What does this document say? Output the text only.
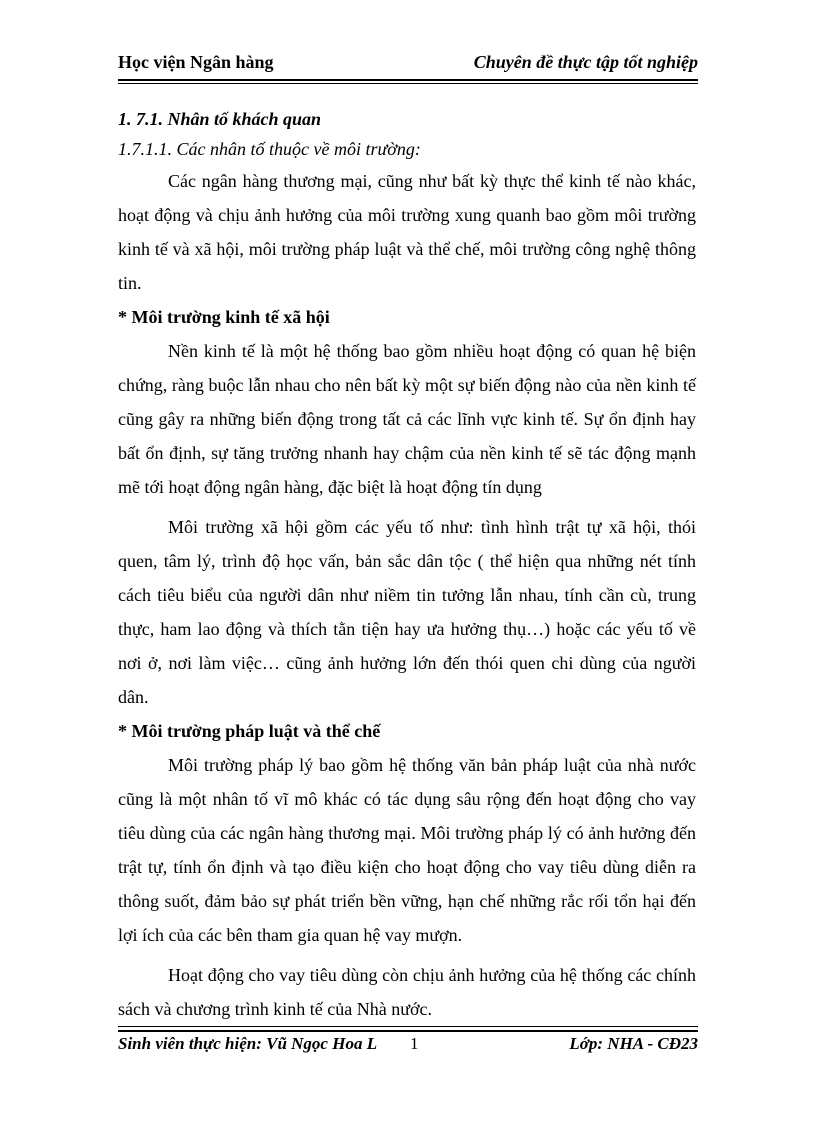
Học viện Ngân hàng	Chuyên đề thực tập tốt nghiệp
1. 7.1. Nhân tố khách quan
1.7.1.1. Các nhân tố thuộc về môi trường:

Các ngân hàng thương mại, cũng như bất kỳ thực thể kinh tế nào khác, hoạt động và chịu ảnh hưởng của môi trường xung quanh bao gồm môi trường kinh tế và xã hội, môi trường pháp luật và thể chế, môi trường công nghệ thông tin.

* Môi trường kinh tế xã hội

Nền kinh tế là một hệ thống bao gồm nhiều hoạt động có quan hệ biện chứng, ràng buộc lẫn nhau cho nên bất kỳ một sự biến động nào của nền kinh tế cũng gây ra những biến động trong tất cả các lĩnh vực kinh tế. Sự ổn định hay bất ổn định, sự tăng trưởng nhanh hay chậm của nền kinh tế sẽ tác động mạnh mẽ tới hoạt động ngân hàng, đặc biệt là hoạt động tín dụng

Môi trường xã hội gồm các yếu tố như: tình hình trật tự xã hội, thói quen, tâm lý, trình độ học vấn, bản sắc dân tộc ( thể hiện qua những nét tính cách tiêu biểu của người dân như niềm tin tưởng lẫn nhau, tính cần cù, trung thực, ham lao động và thích tằn tiện hay ưa hưởng thụ…) hoặc các yếu tố về nơi ở, nơi làm việc… cũng ảnh hưởng lớn đến thói quen chi dùng của người dân.

* Môi trường pháp luật và thể chế

Môi trường pháp lý bao gồm hệ thống văn bản pháp luật của nhà nước cũng là một nhân tố vĩ mô khác có tác dụng sâu rộng đến hoạt động cho vay tiêu dùng của các ngân hàng thương mại. Môi trường pháp lý có ảnh hưởng đến trật tự, tính ổn định và tạo điều kiện cho hoạt động cho vay tiêu dùng diễn ra thông suốt, đảm bảo sự phát triển bền vững, hạn chế những rắc rối tổn hại đến lợi ích của các bên tham gia quan hệ vay mượn.

Hoạt động cho vay tiêu dùng còn chịu ảnh hưởng của hệ thống các chính sách và chương trình kinh tế của Nhà nước.

Sinh viên thực hiện: Vũ Ngọc Hoa L 1	Lớp: NHA - CĐ23
